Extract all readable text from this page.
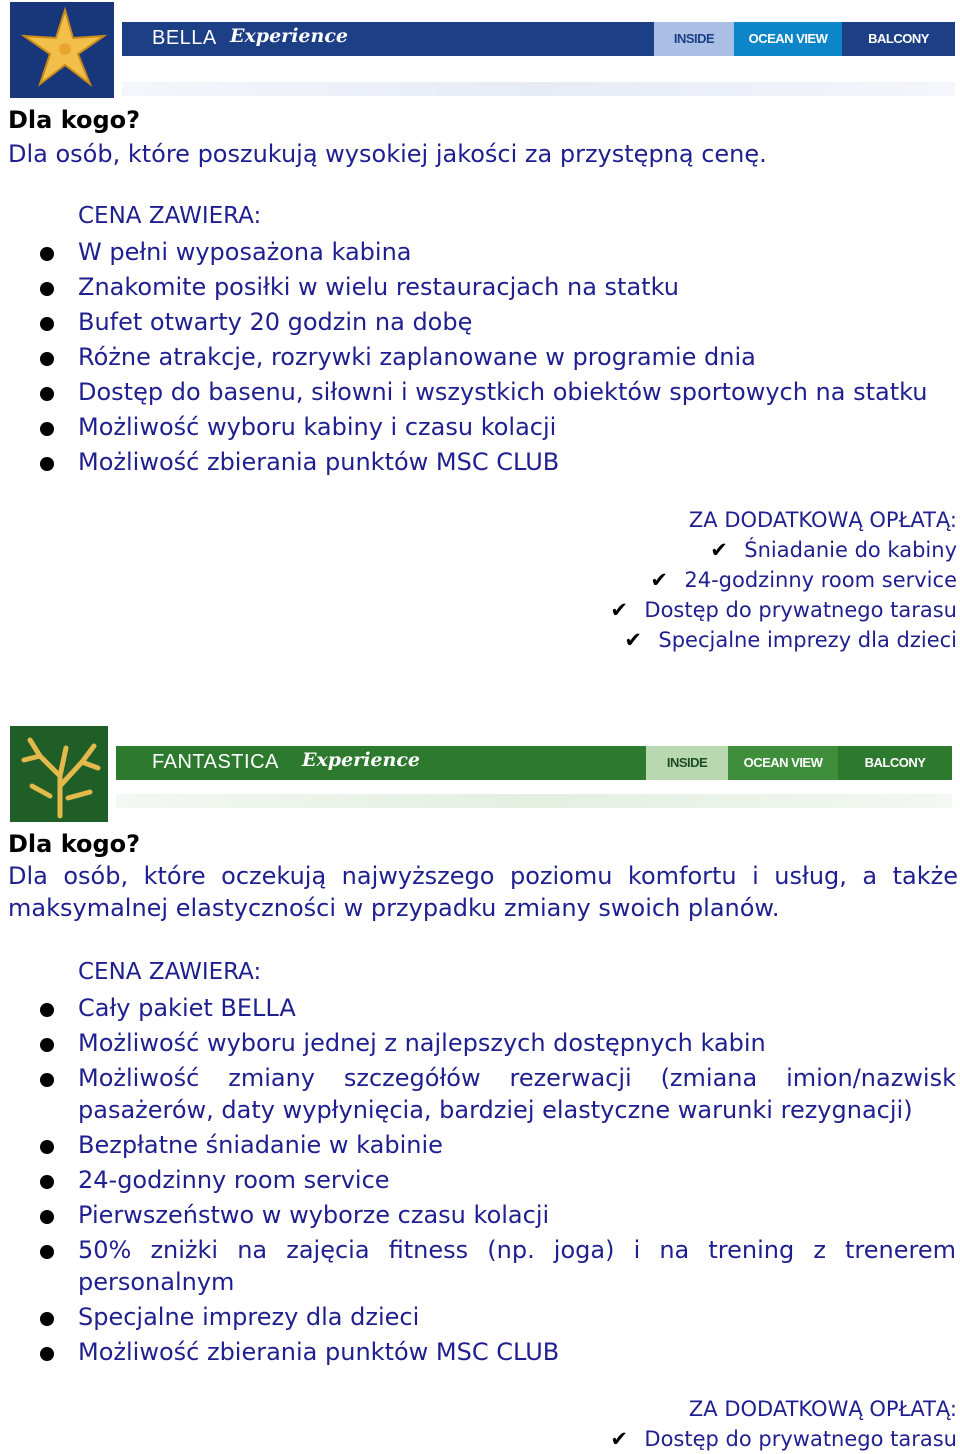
BELLA Experience	INSIDE	OCEAN VIEW	BALCONY
Dla kogo?
Dla osób, które poszukują wysokiej jakości za przystępną cenę.
CENA ZAWIERA:
W pełni wyposażona kabina
Znakomite posiłki w wielu restauracjach na statku
Bufet otwarty 20 godzin na dobę
Różne atrakcje, rozrywki zaplanowane w programie dnia
Dostęp do basenu, siłowni i wszystkich obiektów sportowych na statku
Możliwość wyboru kabiny i czasu kolacji
Możliwość zbierania punktów MSC CLUB
ZA DODATKOWĄ OPŁATĄ:
✔ Śniadanie do kabiny
✔ 24-godzinny room service
✔ Dostęp do prywatnego tarasu
✔ Specjalne imprezy dla dzieci
FANTASTICA Experience	INSIDE	OCEAN VIEW	BALCONY
Dla kogo?
Dla osób, które oczekują najwyższego poziomu komfortu i usług, a także maksymalnej elastyczności w przypadku zmiany swoich planów.
CENA ZAWIERA:
Cały pakiet BELLA
Możliwość wyboru jednej z najlepszych dostępnych kabin
Możliwość zmiany szczegółów rezerwacji (zmiana imion/nazwisk pasażerów, daty wypłynięcia, bardziej elastyczne warunki rezygnacji)
Bezpłatne śniadanie w kabinie
24-godzinny room service
Pierwszeństwo w wyborze czasu kolacji
50% zniżki na zajęcia fitness (np. joga) i na trening z trenerem personalnym
Specjalne imprezy dla dzieci
Możliwość zbierania punktów MSC CLUB
ZA DODATKOWĄ OPŁATĄ:
✔ Dostęp do prywatnego tarasu
